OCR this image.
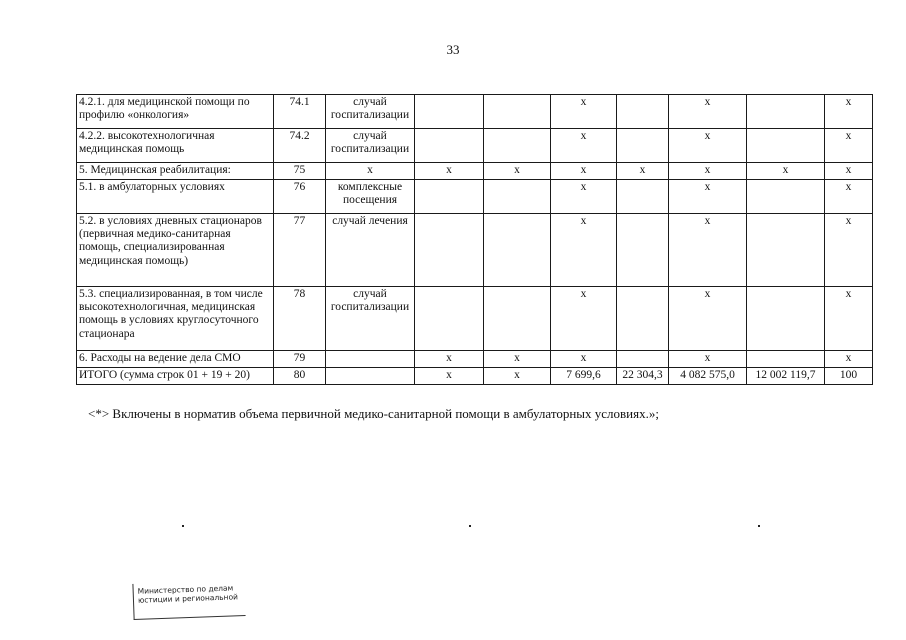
33
4.2.1. для медицинской помощи по профилю «онкология»	74.1	случай госпитализации			x		x		x
4.2.2. высокотехнологичная медицинская помощь	74.2	случай госпитализации			x		x		x
5. Медицинская реабилитация:	75	x	x	x	x	x	x	x	x
5.1. в амбулаторных условиях	76	комплексные посещения			x		x		x
5.2. в условиях дневных стационаров (первичная медико-санитарная помощь, специализированная медицинская помощь)	77	случай лечения			x		x		x
5.3. специализированная, в том числе высокотехнологичная, медицинская помощь в условиях круглосуточного стационара	78	случай госпитализации			x		x		x
6. Расходы на ведение дела СМО	79		x	x	x		x		x
ИТОГО (сумма строк 01 + 19 + 20)	80		x	x	7 699,6	22 304,3	4 082 575,0	12 002 119,7	100
<*> Включены в норматив объема первичной медико-санитарной помощи в амбулаторных условиях.»;
Министерство по делам
юстиции и региональной
